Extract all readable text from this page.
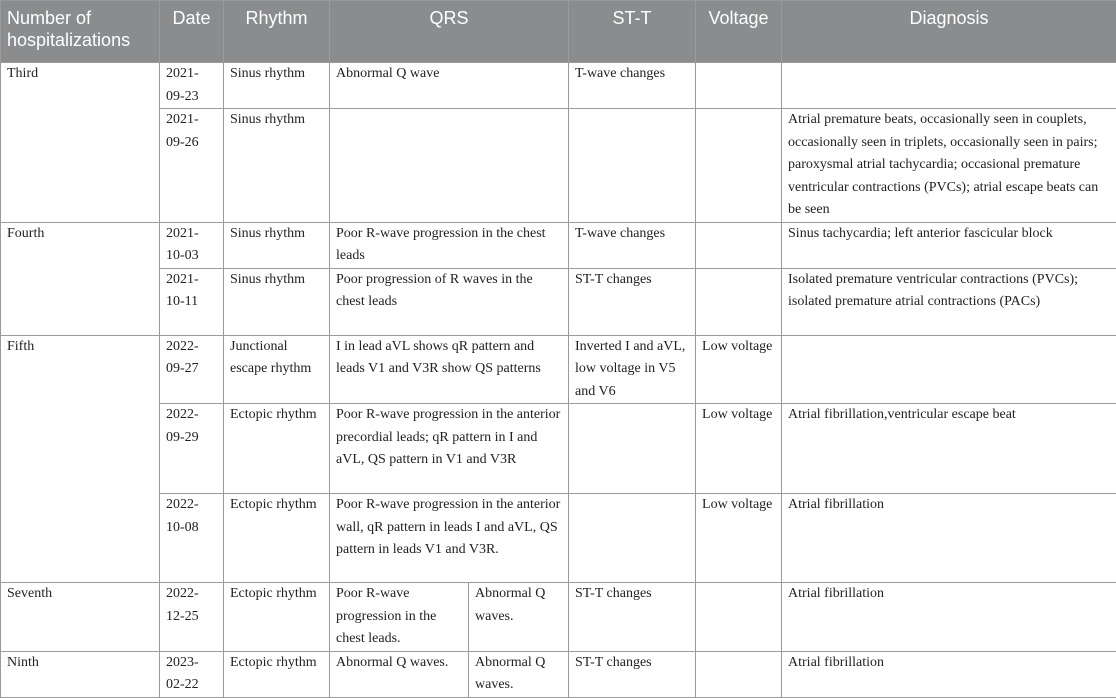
Number of hospitalizations	Date	Rhythm	QRS		ST-T	Voltage	Diagnosis
Third	2021-09-23	Sinus rhythm	Abnormal Q wave		T-wave changes		
	2021-09-26	Sinus rhythm					Atrial premature beats, occasionally seen in couplets, occasionally seen in triplets, occasionally seen in pairs; paroxysmal atrial tachycardia; occasional premature ventricular contractions (PVCs); atrial escape beats can be seen
Fourth	2021-10-03	Sinus rhythm	Poor R-wave progression in the chest leads		T-wave changes		Sinus tachycardia; left anterior fascicular block
	2021-10-11	Sinus rhythm	Poor progression of R waves in the chest leads		ST-T changes		Isolated premature ventricular contractions (PVCs); isolated premature atrial contractions (PACs)
Fifth	2022-09-27	Junctional escape rhythm	I in lead aVL shows qR pattern and leads V1 and V3R show QS patterns		Inverted I and aVL, low voltage in V5 and V6	Low voltage	
	2022-09-29	Ectopic rhythm	Poor R-wave progression in the anterior precordial leads; qR pattern in I and aVL, QS pattern in V1 and V3R			Low voltage	Atrial fibrillation,ventricular escape beat
	2022-10-08	Ectopic rhythm	Poor R-wave progression in the anterior wall, qR pattern in leads I and aVL, QS pattern in leads V1 and V3R.			Low voltage	Atrial fibrillation
Seventh	2022-12-25	Ectopic rhythm	Poor R-wave progression in the chest leads.	Abnormal Q waves.	ST-T changes		Atrial fibrillation
Ninth	2023-02-22	Ectopic rhythm	Abnormal Q waves.	Abnormal Q waves.	ST-T changes		Atrial fibrillation
